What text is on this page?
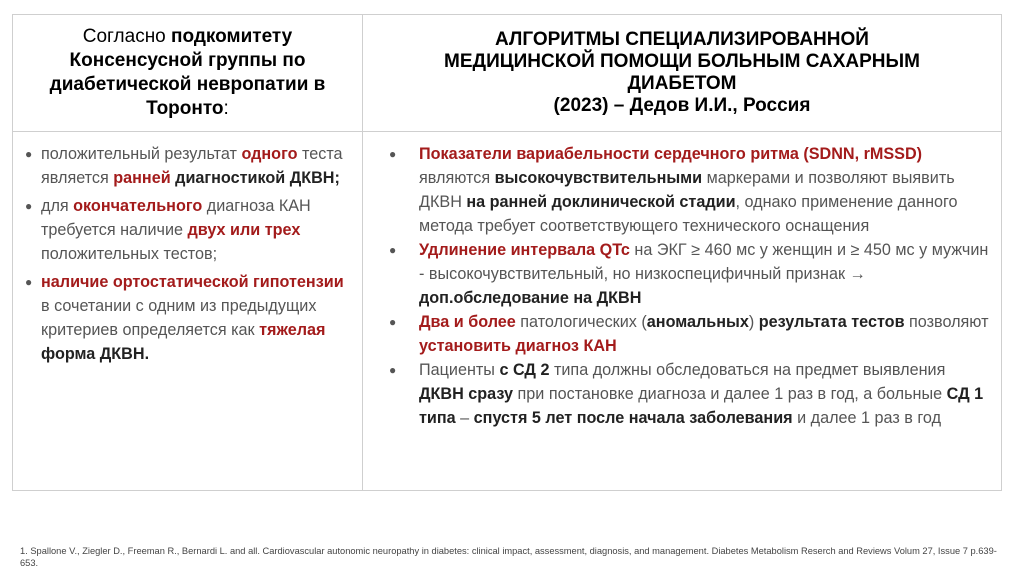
Согласно подкомитету Консенсусной группы по диабетической невропатии в Торонто:
АЛГОРИТМЫ СПЕЦИАЛИЗИРОВАННОЙ
МЕДИЦИНСКОЙ ПОМОЩИ БОЛЬНЫМ САХАРНЫМ
ДИАБЕТОМ
(2023) – Дедов И.И., Россия
● положительный результат одного теста является ранней диагностикой ДКВН;
● для окончательного диагноза КАН требуется наличие двух или трех положительных тестов;
● наличие ортостатической гипотензии в сочетании с одним из предыдущих критериев определяется как тяжелая форма ДКВН.
● Показатели вариабельности сердечного ритма (SDNN, rMSSD) являются высокочувствительными маркерами и позволяют выявить ДКВН на ранней доклинической стадии, однако применение данного метода требует соответствующего технического оснащения
● Удлинение интервала QTc на ЭКГ ≥ 460 мс у женщин и ≥ 450 мс у мужчин - высокочувствительный, но низкоспецифичный признак → доп.обследование на ДКВН
● Два и более патологических (аномальных) результата тестов позволяют установить диагноз КАН
● Пациенты с СД 2 типа должны обследоваться на предмет выявления ДКВН сразу при постановке диагноза и далее 1 раз в год, а больные СД 1 типа – спустя 5 лет после начала заболевания и далее 1 раз в год
1. Spallone V., Ziegler D., Freeman R., Bernardi L. and all. Cardiovascular autonomic neuropathy in diabetes: clinical impact, assessment, diagnosis, and management. Diabetes Metabolism Reserch and Reviews Volum 27, Issue 7 p.639-653.
